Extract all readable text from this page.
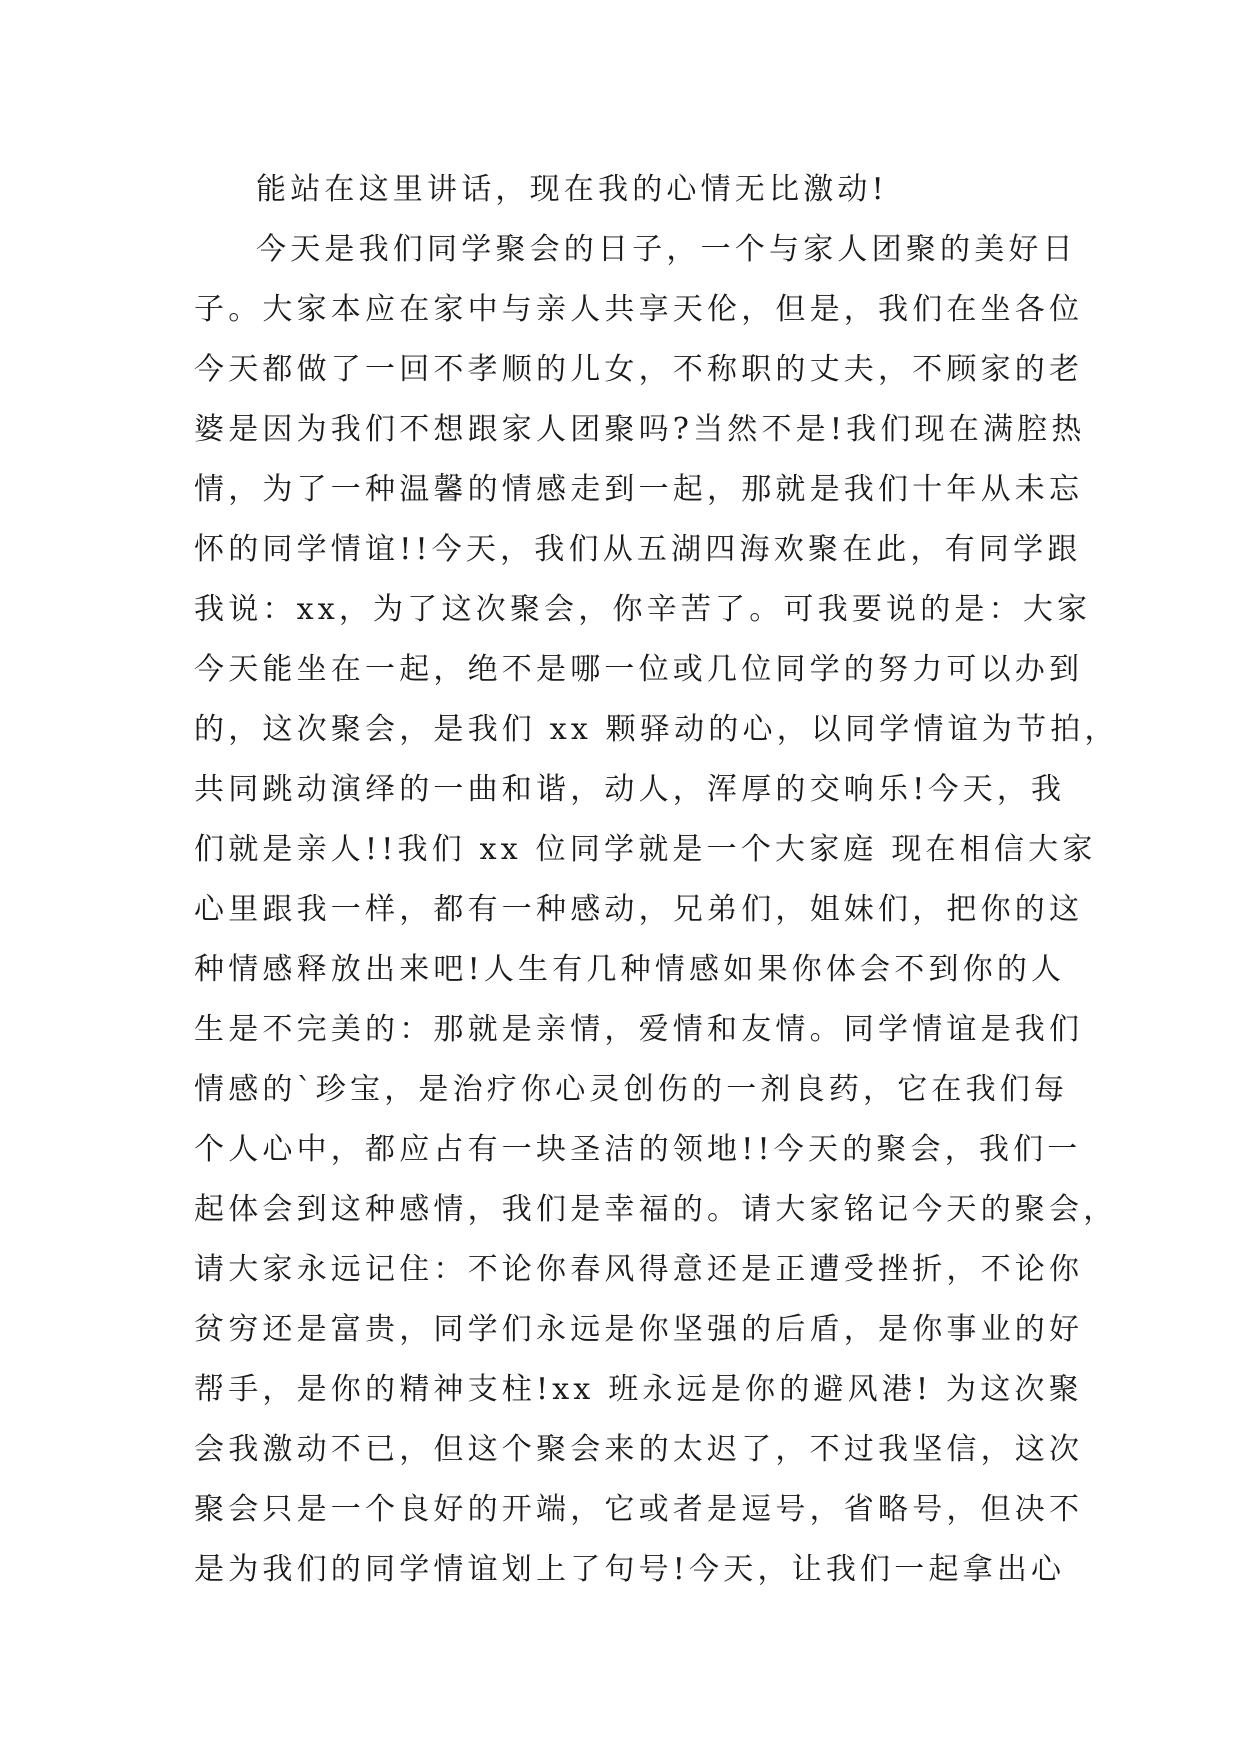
能站在这里讲话，现在我的心情无比激动!
今天是我们同学聚会的日子，一个与家人团聚的美好日
子。大家本应在家中与亲人共享天伦，但是，我们在坐各位
今天都做了一回不孝顺的儿女，不称职的丈夫，不顾家的老
婆是因为我们不想跟家人团聚吗?当然不是!我们现在满腔热
情，为了一种温馨的情感走到一起，那就是我们十年从未忘
怀的同学情谊!!今天，我们从五湖四海欢聚在此，有同学跟
我说：xx，为了这次聚会，你辛苦了。可我要说的是：大家
今天能坐在一起，绝不是哪一位或几位同学的努力可以办到
的，这次聚会，是我们 xx 颗驿动的心，以同学情谊为节拍，
共同跳动演绎的一曲和谐，动人，浑厚的交响乐!今天，我
们就是亲人!!我们 xx 位同学就是一个大家庭 现在相信大家
心里跟我一样，都有一种感动，兄弟们，姐妹们，把你的这
种情感释放出来吧!人生有几种情感如果你体会不到你的人
生是不完美的：那就是亲情，爱情和友情。同学情谊是我们
情感的`珍宝，是治疗你心灵创伤的一剂良药，它在我们每
个人心中，都应占有一块圣洁的领地!!今天的聚会，我们一
起体会到这种感情，我们是幸福的。请大家铭记今天的聚会，
请大家永远记住：不论你春风得意还是正遭受挫折，不论你
贫穷还是富贵，同学们永远是你坚强的后盾，是你事业的好
帮手，是你的精神支柱!xx 班永远是你的避风港! 为这次聚
会我激动不已，但这个聚会来的太迟了，不过我坚信，这次
聚会只是一个良好的开端，它或者是逗号，省略号，但决不
是为我们的同学情谊划上了句号!今天，让我们一起拿出心
